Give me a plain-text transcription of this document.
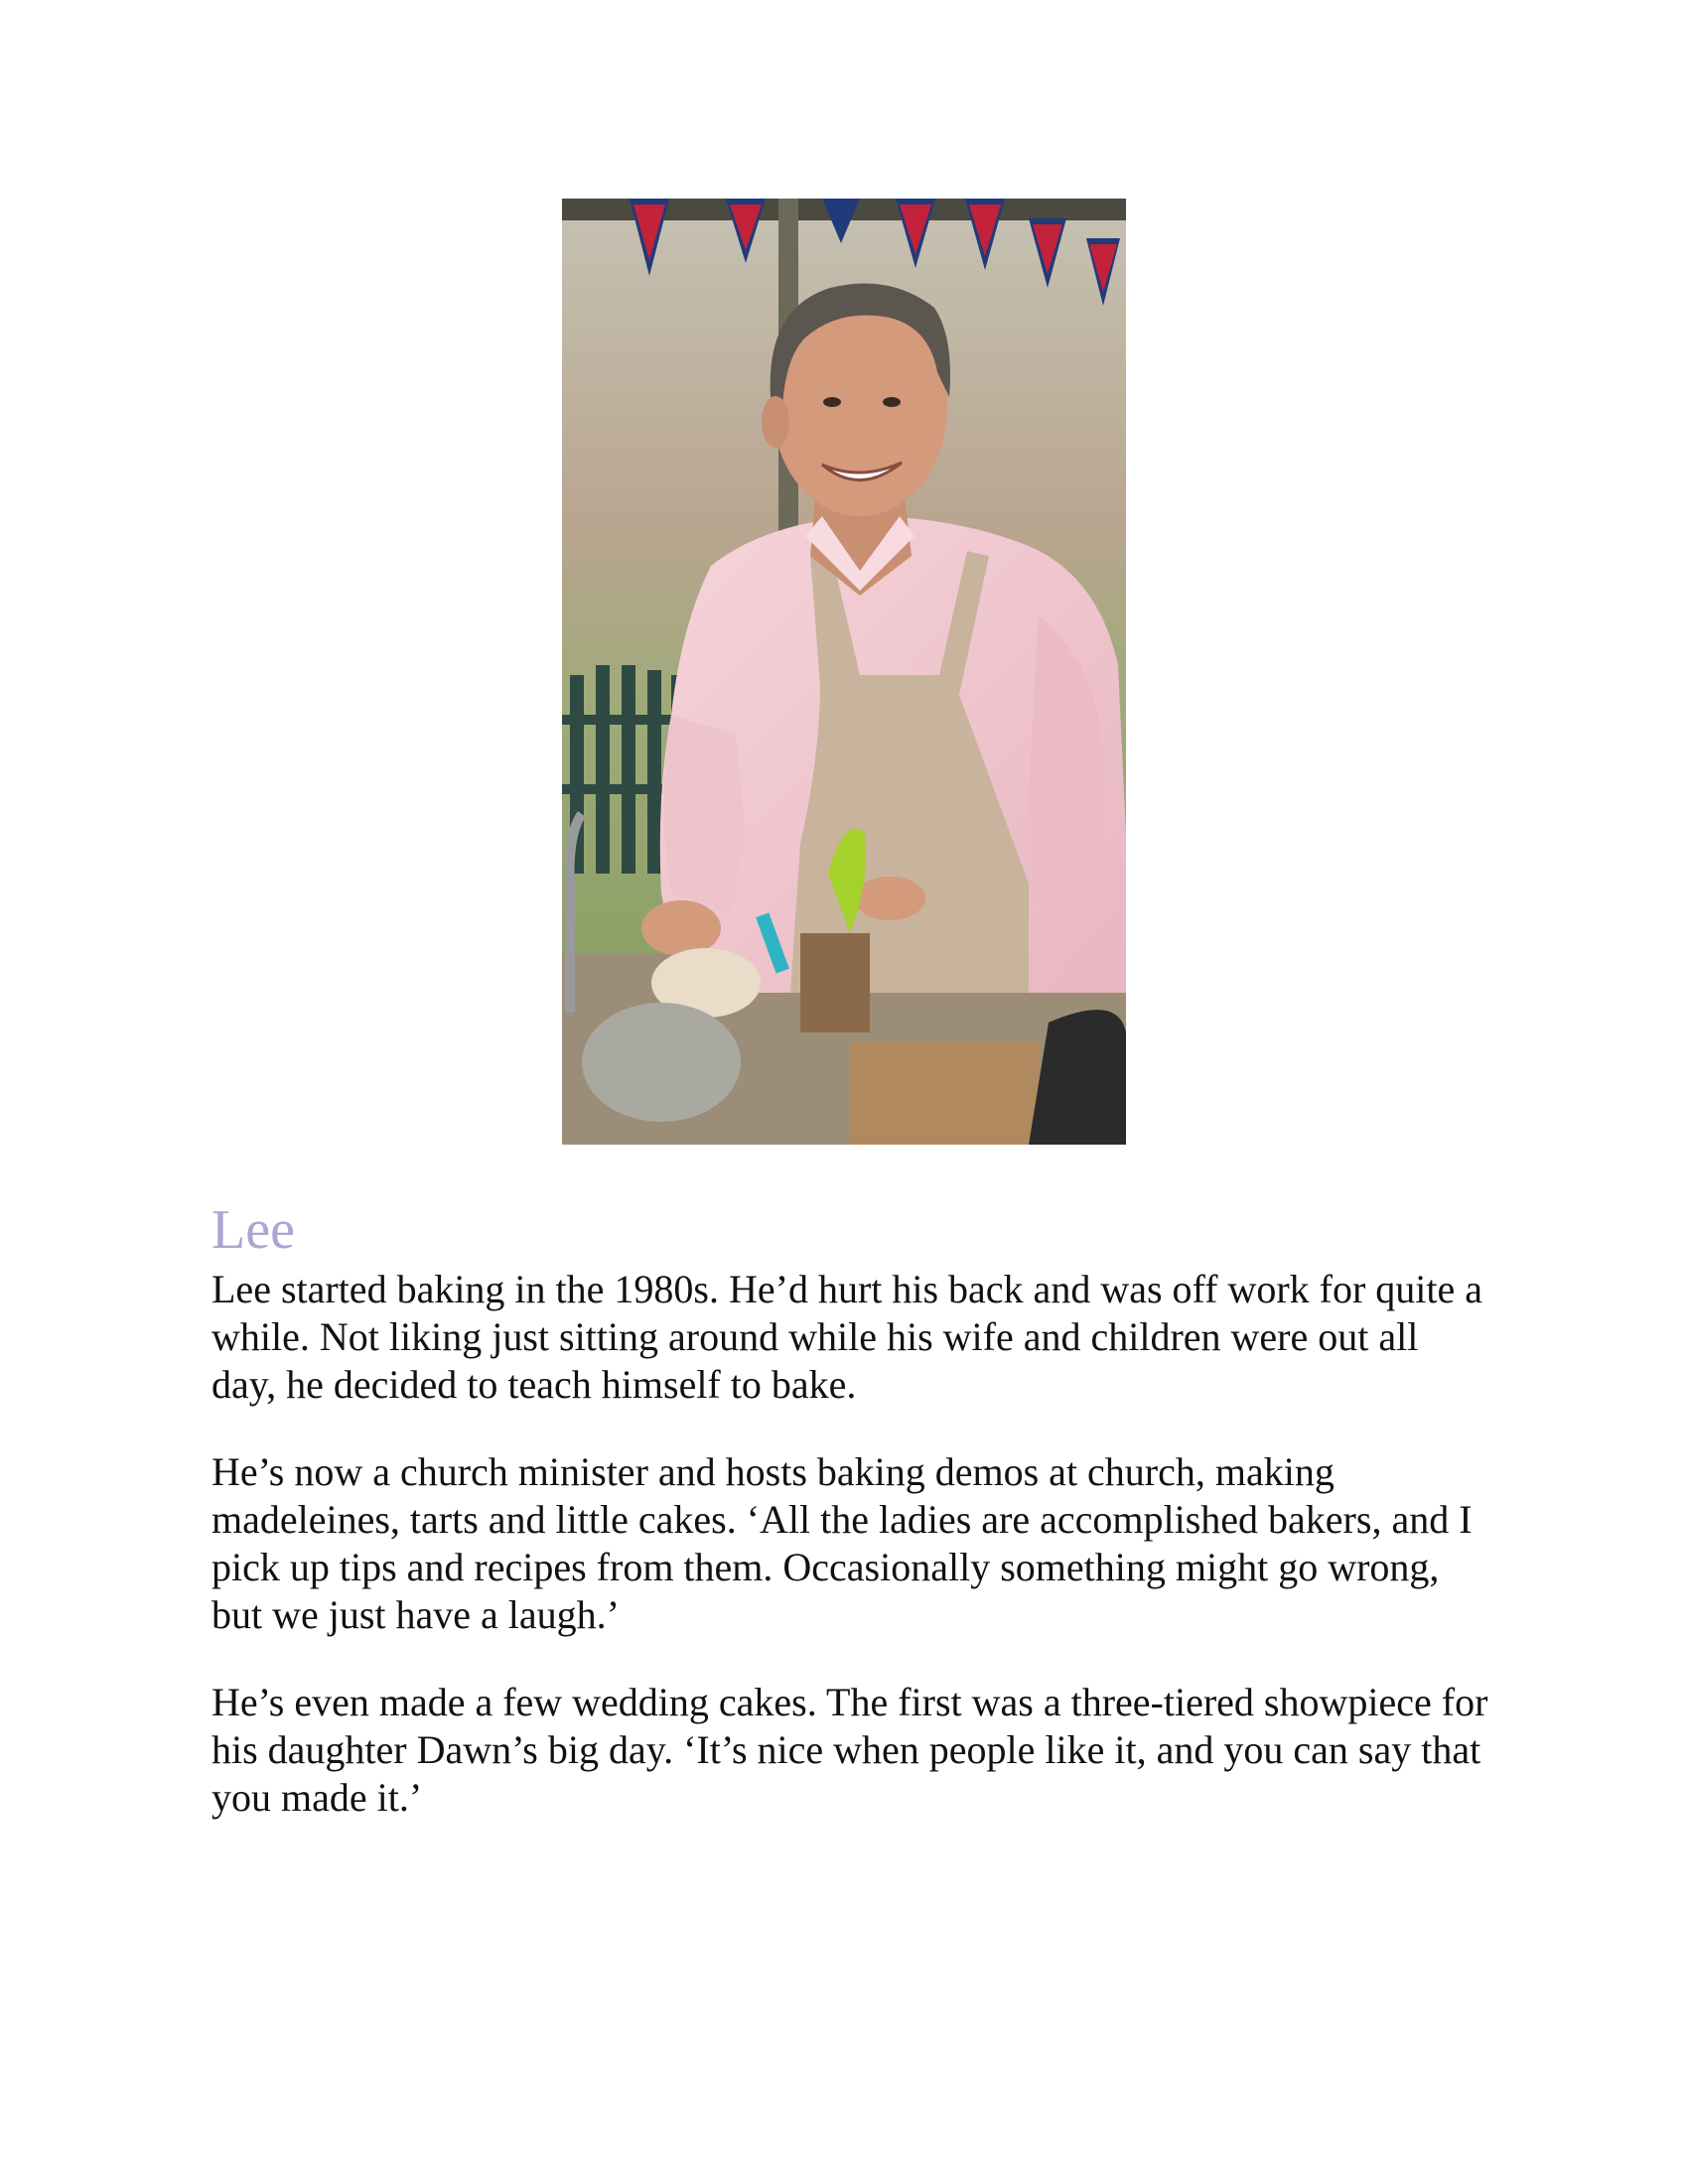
Lee

Lee started baking in the 1980s. He’d hurt his back and was off work for quite a while. Not liking just sitting around while his wife and children were out all day, he decided to teach himself to bake.

He’s now a church minister and hosts baking demos at church, making madeleines, tarts and little cakes. ‘All the ladies are accomplished bakers, and I pick up tips and recipes from them. Occasionally something might go wrong, but we just have a laugh.’

He’s even made a few wedding cakes. The first was a three-tiered showpiece for his daughter Dawn’s big day. ‘It’s nice when people like it, and you can say that you made it.’
